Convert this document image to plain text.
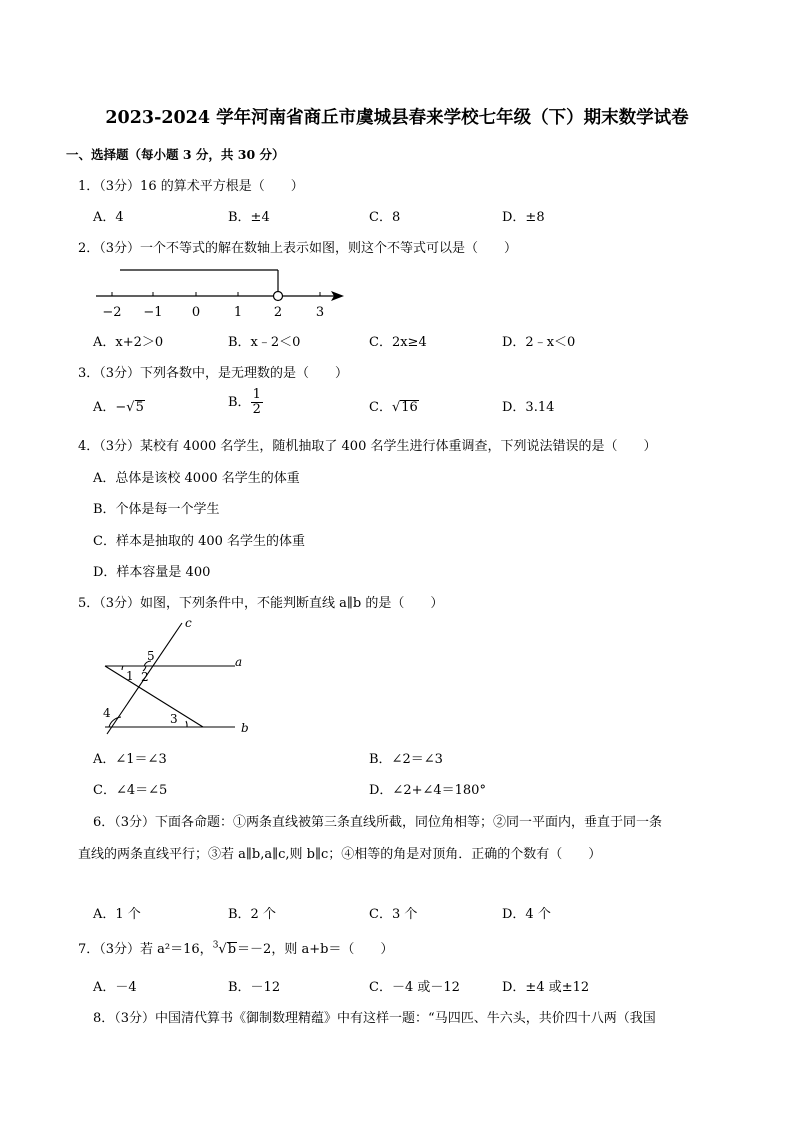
2023-2024 学年河南省商丘市虞城县春来学校七年级（下）期末数学试卷
一、选择题（每小题 3 分，共 30 分）
1．（3分）16 的算术平方根是（　　）
A．4	B．±4	C．8	D．±8
2．（3分）一个不等式的解在数轴上表示如图，则这个不等式可以是（　　）
−2 −1 0	1 2	3
A．x+2＞0	B．x﹣2＜0	C．2x≥4	D．2﹣x＜0
3．（3分）下列各数中，是无理数的是（　　）
A．−√5	B． $\frac{1}{2}$	C．√16	D．3.14
4．（3分）某校有 4000 名学生，随机抽取了 400 名学生进行体重调查，下列说法错误的是（　　）
A．总体是该校 4000 名学生的体重
B．个体是每一个学生
C．样本是抽取的 400 名学生的体重
D．样本容量是 400
5．（3分）如图，下列条件中，不能判断直线 a∥b 的是（　　）
c
a
b
1 2
3
4
5
A．∠1＝∠3	B．∠2＝∠3
C．∠4＝∠5	D．∠2+∠4＝180°
6．（3分）下面各命题：①两条直线被第三条直线所截，同位角相等；②同一平面内，垂直于同一条
直线的两条直线平行；③若 a∥b,a∥c,则 b∥c；④相等的角是对顶角．正确的个数有（　　）
A．1 个	B．2 个	C．3 个	D．4 个
7．（3分）若 a²＝16，$^3$√b＝－2，则 a+b＝（　　）
A．－4	B．－12	C．－4 或－12	D．±4 或±12
8．（3分）中国清代算书《御制数理精蕴》中有这样一题：“马四匹、牛六头，共价四十八两（我国
